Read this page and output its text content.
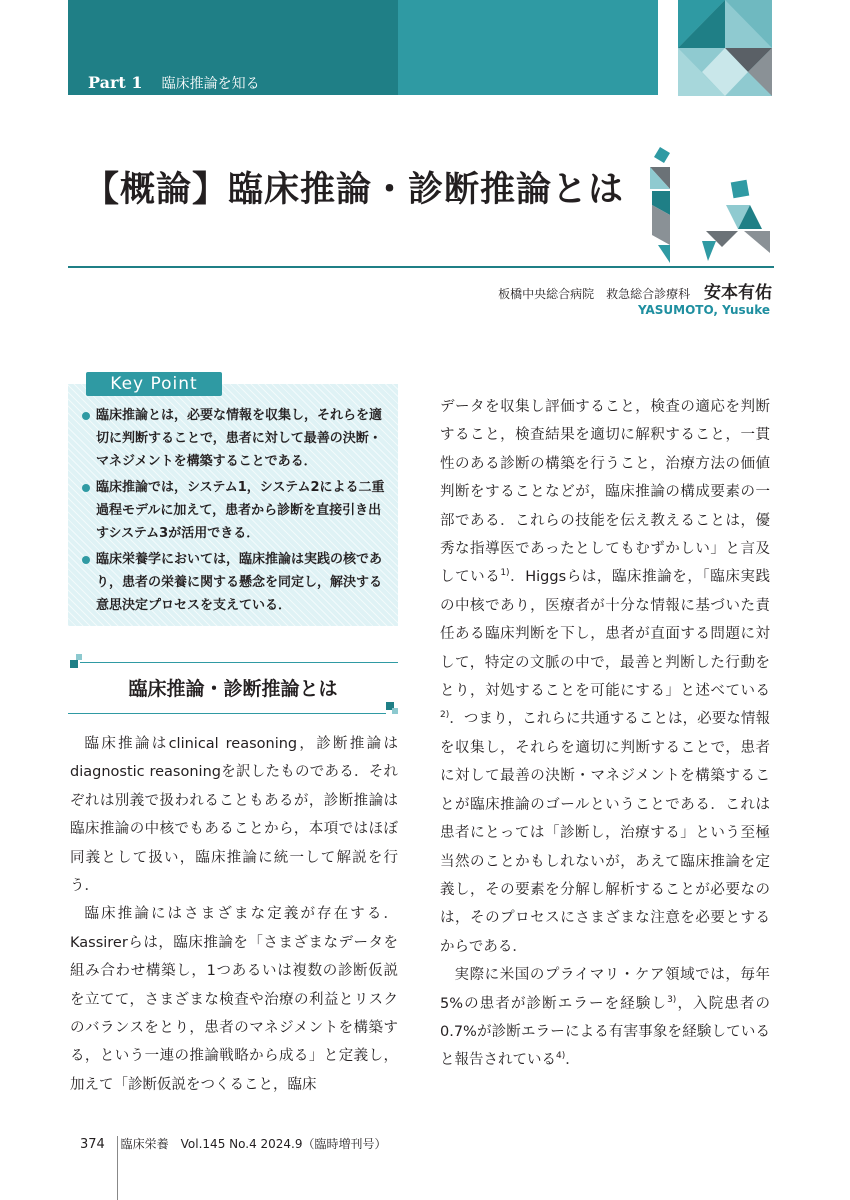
Part 1 臨床推論を知る
【概論】臨床推論・診断推論とは
板橋中央総合病院　救急総合診療科 安本有佑
YASUMOTO, Yusuke
臨床推論とは，必要な情報を収集し，それらを適切に判断することで，患者に対して最善の決断・マネジメントを構築することである．
臨床推論では，システム1，システム2による二重過程モデルに加えて，患者から診断を直接引き出すシステム3が活用できる．
臨床栄養学においては，臨床推論は実践の核であり，患者の栄養に関する懸念を同定し，解決する意思決定プロセスを支えている．
Key Point
臨床推論・診断推論とは

臨床推論はclinical reasoning，診断推論はdiagnostic reasoningを訳したものである．それぞれは別義で扱われることもあるが，診断推論は臨床推論の中核でもあることから，本項ではほぼ同義として扱い，臨床推論に統一して解説を行う．

臨床推論にはさまざまな定義が存在する．Kassirerらは，臨床推論を「さまざまなデータを組み合わせ構築し，1つあるいは複数の診断仮説を立てて，さまざまな検査や治療の利益とリスクのバランスをとり，患者のマネジメントを構築する，という一連の推論戦略から成る」と定義し，加えて「診断仮説をつくること，臨床

データを収集し評価すること，検査の適応を判断すること，検査結果を適切に解釈すること，一貫性のある診断の構築を行うこと，治療方法の価値判断をすることなどが，臨床推論の構成要素の一部である．これらの技能を伝え教えることは，優秀な指導医であったとしてもむずかしい」と言及している$^{1)}$．Higgsらは，臨床推論を，「臨床実践の中核であり，医療者が十分な情報に基づいた責任ある臨床判断を下し，患者が直面する問題に対して，特定の文脈の中で，最善と判断した行動をとり，対処することを可能にする」と述べている$^{2)}$．つまり，これらに共通することは，必要な情報を収集し，それらを適切に判断することで，患者に対して最善の決断・マネジメントを構築することが臨床推論のゴールということである．これは患者にとっては「診断し，治療する」という至極当然のことかもしれないが，あえて臨床推論を定義し，その要素を分解し解析することが必要なのは，そのプロセスにさまざまな注意を必要とするからである．

実際に米国のプライマリ・ケア領域では，毎年5%の患者が診断エラーを経験し$^{3)}$，入院患者の0.7%が診断エラーによる有害事象を経験していると報告されている$^{4)}$．

374 臨床栄養　Vol.145 No.4 2024.9（臨時増刊号）
